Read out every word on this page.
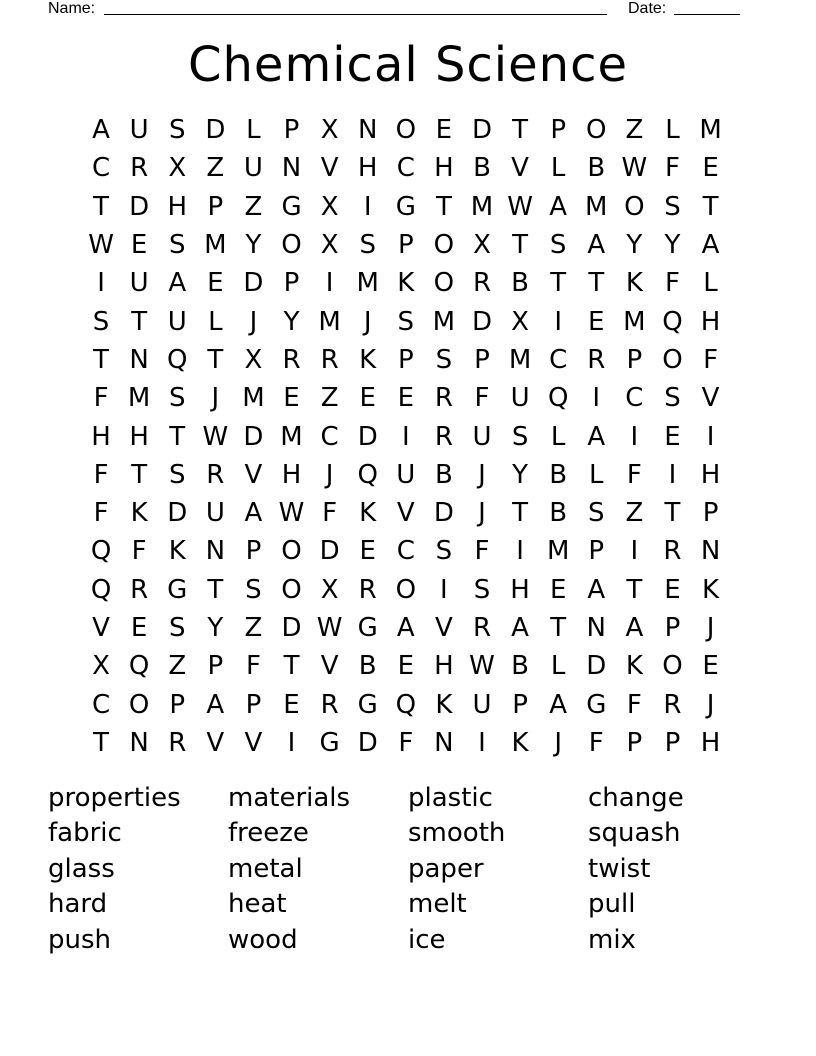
Name:	Date:
Chemical Science
A U S D L P X N O E D T P O Z L M
C R X Z U N V H C H B V L B W F E
T D H P Z G X I G T M W A M O S T
W E S M Y O X S P O X T S A Y Y A
I U A E D P	I M K O R B T T K F L
S T U L	J	Y M J	S M D X I	E M Q H
T N Q T X R R K P S P M C R P O F
F M S	J M E Z E E R F U Q I C S V
H H T W D M C D I R U S L A I	E	I
F T S R V H J Q U B J	Y B L F	I H
F K D U A W F K V D J	T B S Z T P
Q F K N P O D E C S F	I M P	I R N
Q R G T S O X R O I	S H E A T E K
V E S Y Z D W G A V R A T N A P	J
X Q Z P F T V B E H W B L D K O E
C O P A P E R G Q K U P A G F R J
T N R V V I G D F N I K J	F P P H
properties	materials	plastic	change
fabric	freeze	smooth	squash
glass	metal	paper	twist
hard	heat	melt	pull
push	wood	ice	mix
